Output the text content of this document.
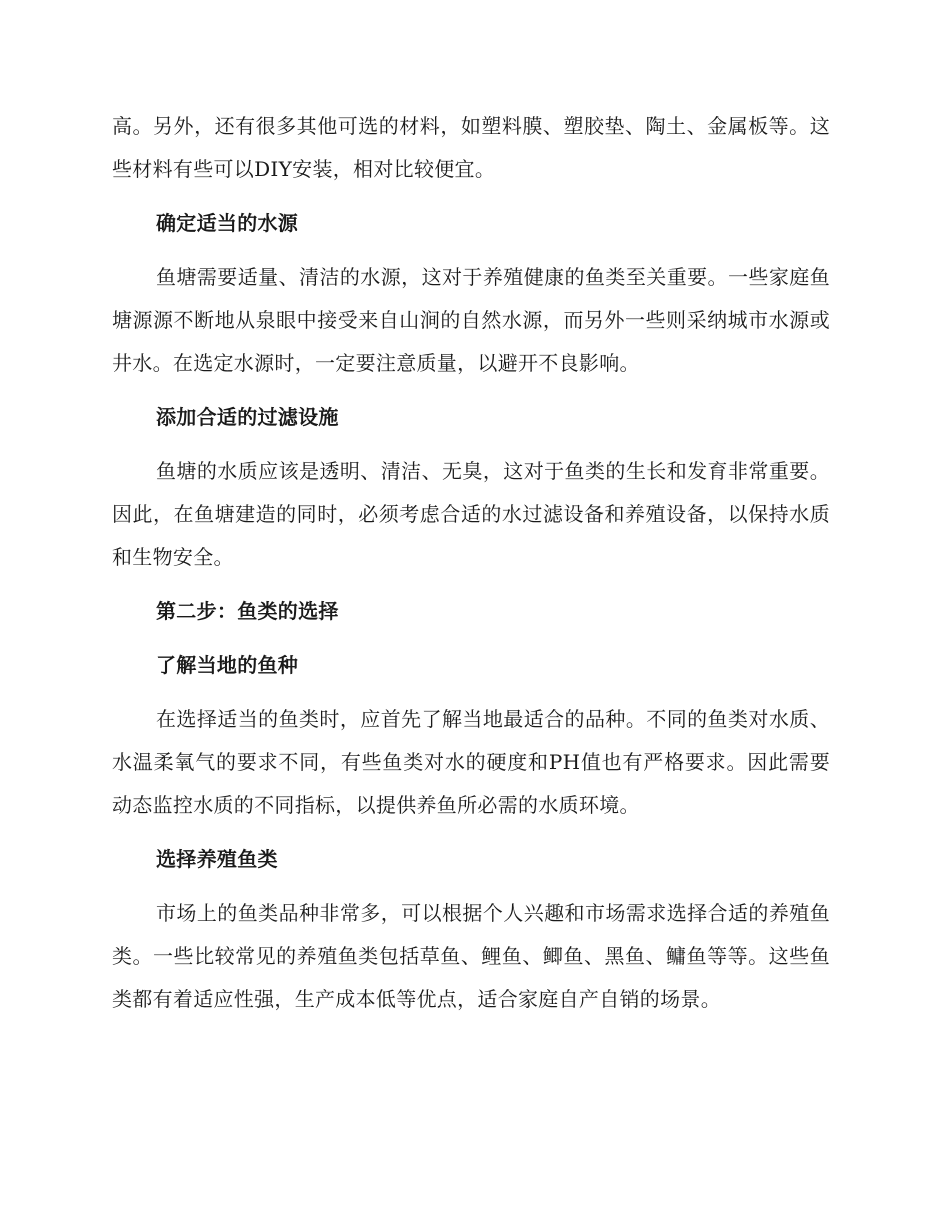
高。另外，还有很多其他可选的材料，如塑料膜、塑胶垫、陶土、金属板等。这些材料有些可以DIY安装，相对比较便宜。

确定适当的水源

鱼塘需要适量、清洁的水源，这对于养殖健康的鱼类至关重要。一些家庭鱼塘源源不断地从泉眼中接受来自山涧的自然水源，而另外一些则采纳城市水源或井水。在选定水源时，一定要注意质量，以避开不良影响。

添加合适的过滤设施

鱼塘的水质应该是透明、清洁、无臭，这对于鱼类的生长和发育非常重要。因此，在鱼塘建造的同时，必须考虑合适的水过滤设备和养殖设备，以保持水质和生物安全。

第二步：鱼类的选择

了解当地的鱼种

在选择适当的鱼类时，应首先了解当地最适合的品种。不同的鱼类对水质、水温柔氧气的要求不同，有些鱼类对水的硬度和PH值也有严格要求。因此需要动态监控水质的不同指标，以提供养鱼所必需的水质环境。

选择养殖鱼类

市场上的鱼类品种非常多，可以根据个人兴趣和市场需求选择合适的养殖鱼类。一些比较常见的养殖鱼类包括草鱼、鲤鱼、鲫鱼、黑鱼、鳙鱼等等。这些鱼类都有着适应性强，生产成本低等优点，适合家庭自产自销的场景。
